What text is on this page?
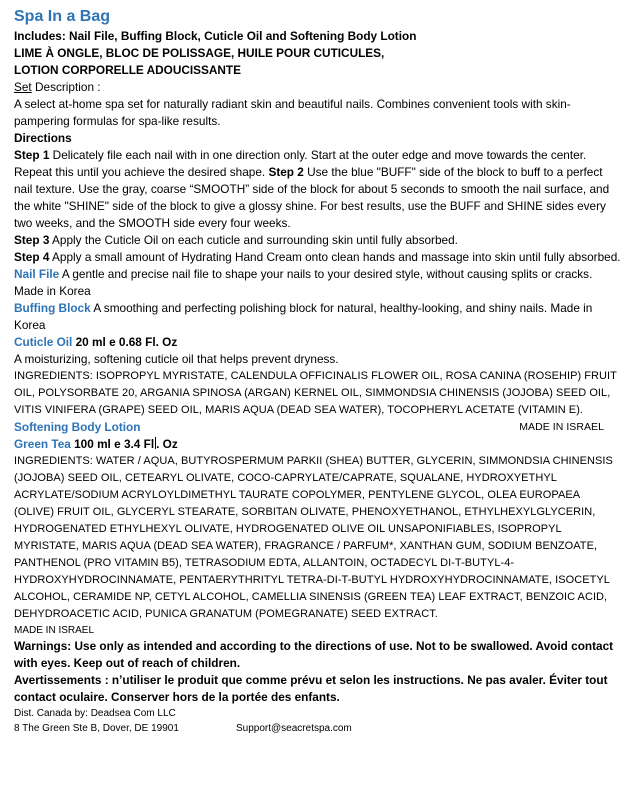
Spa In a Bag

Includes: Nail File, Buffing Block, Cuticle Oil and Softening Body Lotion

LIME À ONGLE, BLOC DE POLISSAGE, HUILE POUR CUTICULES,

LOTION CORPORELLE ADOUCISSANTE

Set Description :

A select at-home spa set for naturally radiant skin and beautiful nails. Combines convenient tools with skin-pampering formulas for spa-like results.

Directions

Step 1 Delicately file each nail with in one direction only. Start at the outer edge and move towards the center. Repeat this until you achieve the desired shape. Step 2 Use the blue "BUFF" side of the block to buff to a perfect nail texture. Use the gray, coarse “SMOOTH” side of the block for about 5 seconds to smooth the nail surface, and the white "SHINE" side of the block to give a glossy shine. For best results, use the BUFF and SHINE sides every two weeks, and the SMOOTH side every four weeks.

Step 3 Apply the Cuticle Oil on each cuticle and surrounding skin until fully absorbed.

Step 4 Apply a small amount of Hydrating Hand Cream onto clean hands and massage into skin until fully absorbed.

Nail File A gentle and precise nail file to shape your nails to your desired style, without causing splits or cracks. Made in Korea

Buffing Block A smoothing and perfecting polishing block for natural, healthy-looking, and shiny nails. Made in Korea

Cuticle Oil 20 ml e 0.68 Fl. Oz

A moisturizing, softening cuticle oil that helps prevent dryness.

INGREDIENTS: ISOPROPYL MYRISTATE, CALENDULA OFFICINALIS FLOWER OIL, ROSA CANINA (ROSEHIP) FRUIT OIL, POLYSORBATE 20, ARGANIA SPINOSA (ARGAN) KERNEL OIL, SIMMONDSIA CHINENSIS (JOJOBA) SEED OIL, VITIS VINIFERA (GRAPE) SEED OIL, MARIS AQUA (DEAD SEA WATER), TOCOPHERYL ACETATE (VITAMIN E).
MADE IN ISRAEL

Softening Body Lotion

Green Tea 100 ml e 3.4 Fl . Oz

INGREDIENTS: WATER / AQUA, BUTYROSPERMUM PARKII (SHEA) BUTTER, GLYCERIN, SIMMONDSIA CHINENSIS (JOJOBA) SEED OIL, CETEARYL OLIVATE, COCO-CAPRYLATE/CAPRATE, SQUALANE, HYDROXYETHYL ACRYLATE/SODIUM ACRYLOYLDIMETHYL TAURATE COPOLYMER, PENTYLENE GLYCOL, OLEA EUROPAEA (OLIVE) FRUIT OIL, GLYCERYL STEARATE, SORBITAN OLIVATE, PHENOXYETHANOL, ETHYLHEXYLGLYCERIN, HYDROGENATED ETHYLHEXYL OLIVATE, HYDROGENATED OLIVE OIL UNSAPONIFIABLES, ISOPROPYL MYRISTATE, MARIS AQUA (DEAD SEA WATER), FRAGRANCE / PARFUM*, XANTHAN GUM, SODIUM BENZOATE, PANTHENOL (PRO VITAMIN B5), TETRASODIUM EDTA, ALLANTOIN, OCTADECYL DI-T-BUTYL-4-HYDROXYHYDROCINNAMATE, PENTAERYTHRITYL TETRA-DI-T-BUTYL HYDROXYHYDROCINNAMATE, ISOCETYL ALCOHOL, CERAMIDE NP, CETYL ALCOHOL, CAMELLIA SINENSIS (GREEN TEA) LEAF EXTRACT, BENZOIC ACID, DEHYDROACETIC ACID, PUNICA GRANATUM (POMEGRANATE) SEED EXTRACT.

MADE IN ISRAEL

Warnings: Use only as intended and according to the directions of use. Not to be swallowed. Avoid contact with eyes. Keep out of reach of children.

Avertissements : n’utiliser le produit que comme prévu et selon les instructions. Ne pas avaler. Éviter tout contact oculaire. Conserver hors de la portée des enfants.

Dist. Canada by: Deadsea Com LLC

8 The Green Ste B, Dover, DE 19901	Support@seacretspa.com
